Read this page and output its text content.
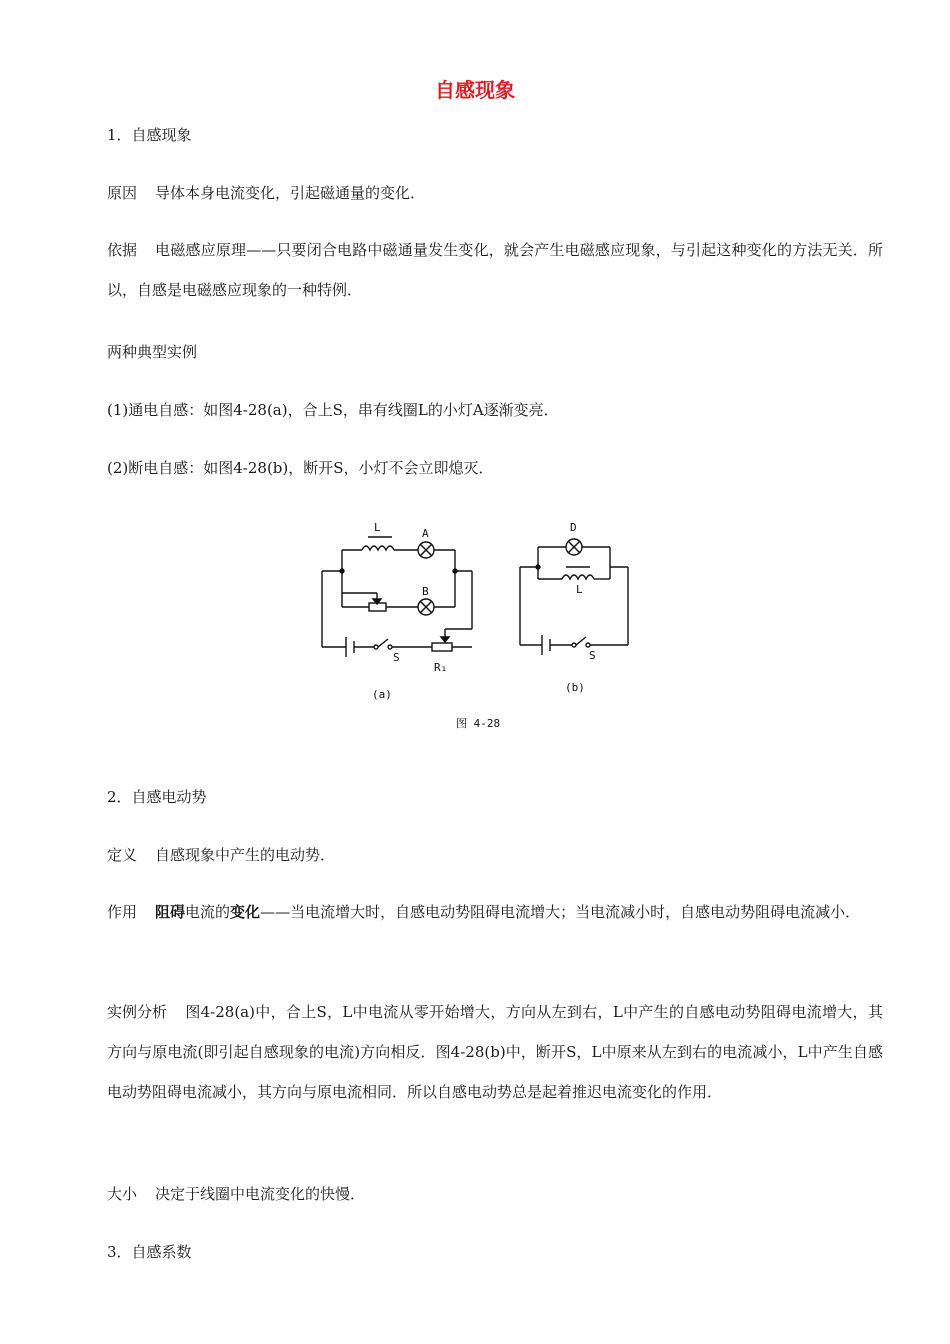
自感现象
1．自感现象
原因 导体本身电流变化，引起磁通量的变化．
依据 电磁感应原理——只要闭合电路中磁通量发生变化，就会产生电磁感应现象，与引起这种变化的方法无关．所以，自感是电磁感应现象的一种特例．
两种典型实例
(1)通电自感：如图4-28(a)，合上S，串有线圈L的小灯A逐渐变亮．
(2)断电自感：如图4-28(b)，断开S，小灯不会立即熄灭．
L	A
B
S
R₁
(a)
D
L
S
(b)
图 4-28
2．自感电动势
定义 自感现象中产生的电动势．
作用 阻碍电流的变化——当电流增大时，自感电动势阻碍电流增大；当电流减小时，自感电动势阻碍电流减小．
实例分析 图4-28(a)中，合上S，L中电流从零开始增大，方向从左到右，L中产生的自感电动势阻碍电流增大，其方向与原电流(即引起自感现象的电流)方向相反．图4-28(b)中，断开S，L中原来从左到右的电流减小，L中产生自感电动势阻碍电流减小，其方向与原电流相同．所以自感电动势总是起着推迟电流变化的作用．
大小 决定于线圈中电流变化的快慢．
3．自感系数
